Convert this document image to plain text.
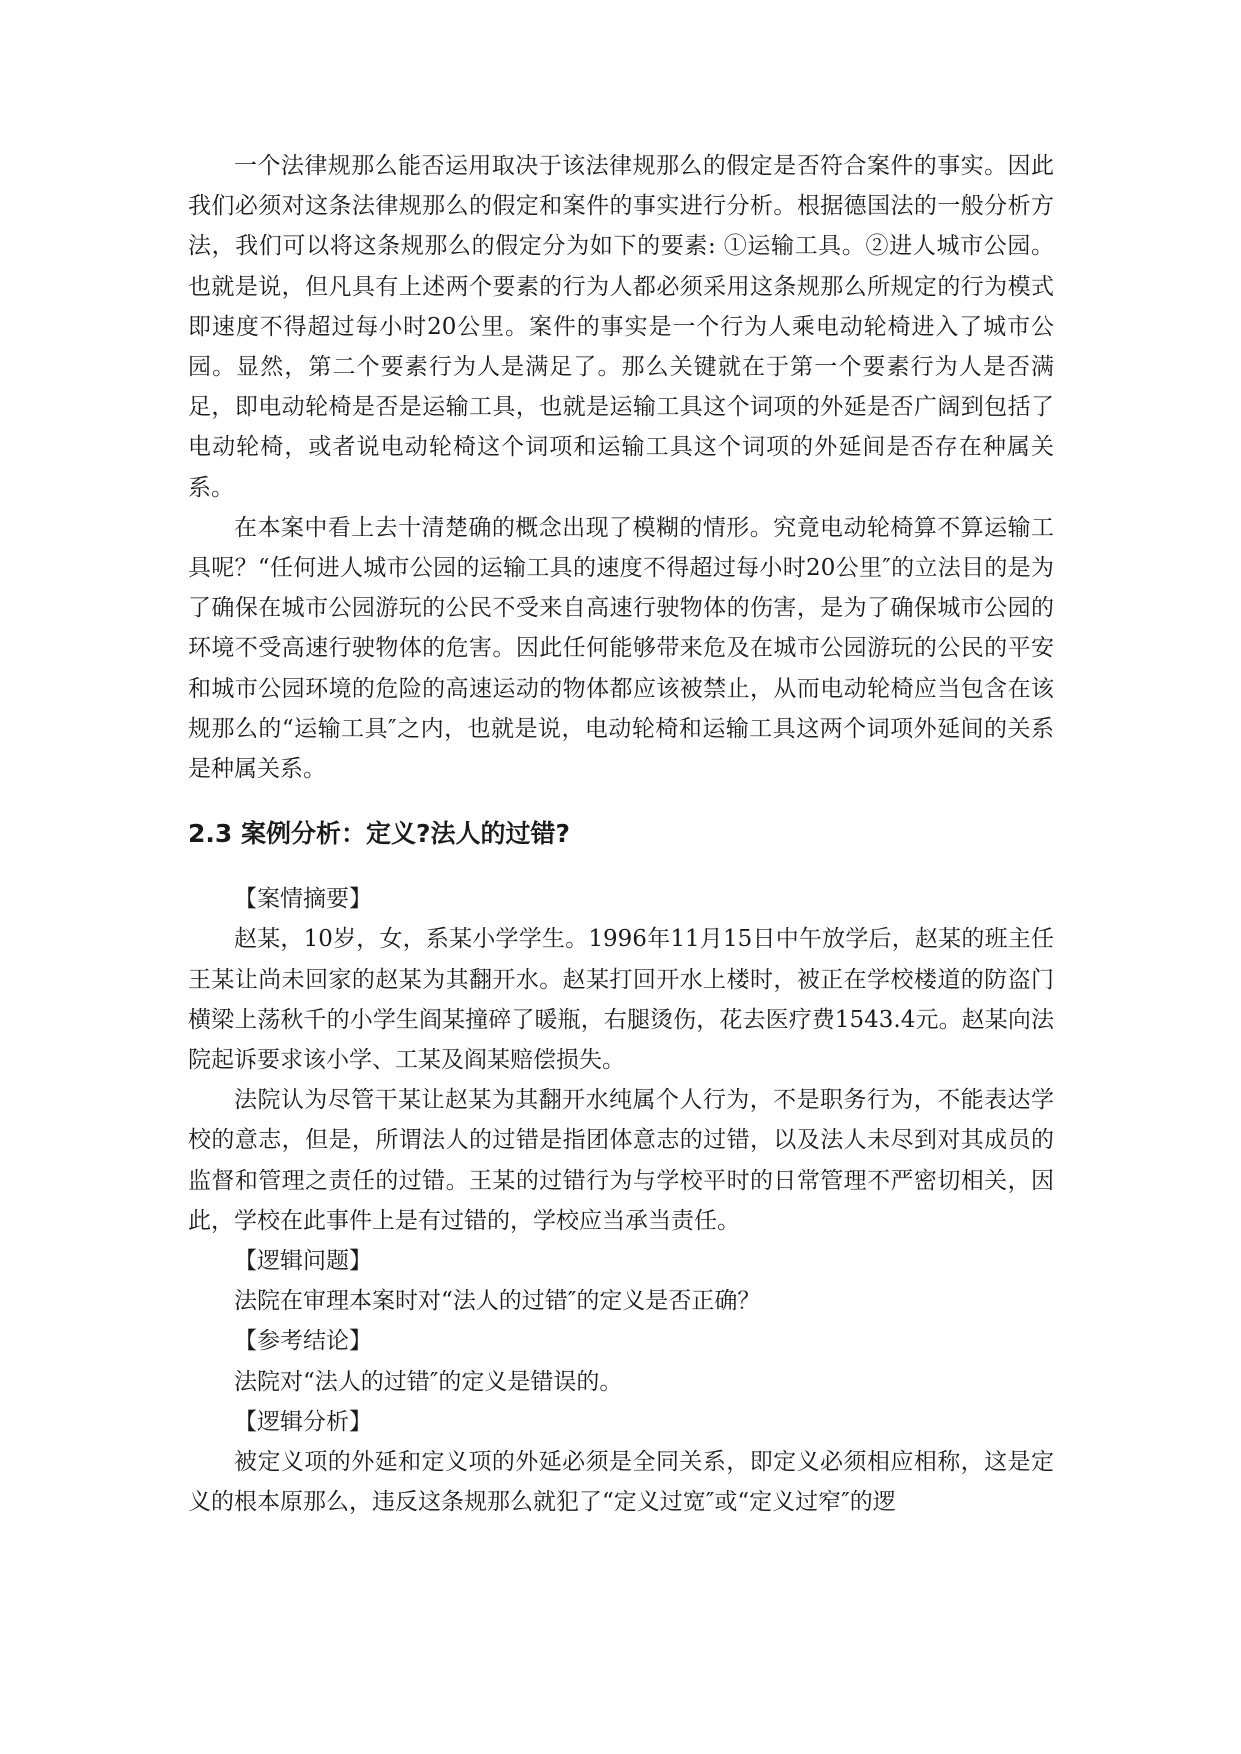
一个法律规那么能否运用取决于该法律规那么的假定是否符合案件的事实。因此我们必须对这条法律规那么的假定和案件的事实进行分析。根据德国法的一般分析方法，我们可以将这条规那么的假定分为如下的要素: ①运输工具。②进人城市公园。也就是说，但凡具有上述两个要素的行为人都必须采用这条规那么所规定的行为模式即速度不得超过每小时20公里。案件的事实是一个行为人乘电动轮椅进入了城市公园。显然，第二个要素行为人是满足了。那么关键就在于第一个要素行为人是否满足，即电动轮椅是否是运输工具，也就是运输工具这个词项的外延是否广阔到包括了电动轮椅，或者说电动轮椅这个词项和运输工具这个词项的外延间是否存在种属关系。

在本案中看上去十清楚确的概念出现了模糊的情形。究竟电动轮椅算不算运输工具呢？“任何进人城市公园的运输工具的速度不得超过每小时20公里″的立法目的是为了确保在城市公园游玩的公民不受来自高速行驶物体的伤害，是为了确保城市公园的环境不受高速行驶物体的危害。因此任何能够带来危及在城市公园游玩的公民的平安和城市公园环境的危险的高速运动的物体都应该被禁止，从而电动轮椅应当包含在该规那么的“运输工具″之内，也就是说，电动轮椅和运输工具这两个词项外延间的关系是种属关系。

2.3 案例分析：定义?法人的过错?

【案情摘要】

赵某，10岁，女，系某小学学生。1996年11月15日中午放学后，赵某的班主任王某让尚未回家的赵某为其翻开水。赵某打回开水上楼时，被正在学校楼道的防盗门横梁上荡秋千的小学生阎某撞碎了暖瓶，右腿烫伤，花去医疗费1543.4元。赵某向法院起诉要求该小学、工某及阎某赔偿损失。

法院认为尽管干某让赵某为其翻开水纯属个人行为，不是职务行为，不能表达学校的意志，但是，所谓法人的过错是指团体意志的过错，以及法人未尽到对其成员的监督和管理之责任的过错。王某的过错行为与学校平时的日常管理不严密切相关，因此，学校在此事件上是有过错的，学校应当承当责任。

【逻辑问题】

法院在审理本案时对“法人的过错″的定义是否正确？

【参考结论】

法院对“法人的过错″的定义是错误的。

【逻辑分析】

被定义项的外延和定义项的外延必须是全同关系，即定义必须相应相称，这是定义的根本原那么，违反这条规那么就犯了“定义过宽″或“定义过窄″的逻
